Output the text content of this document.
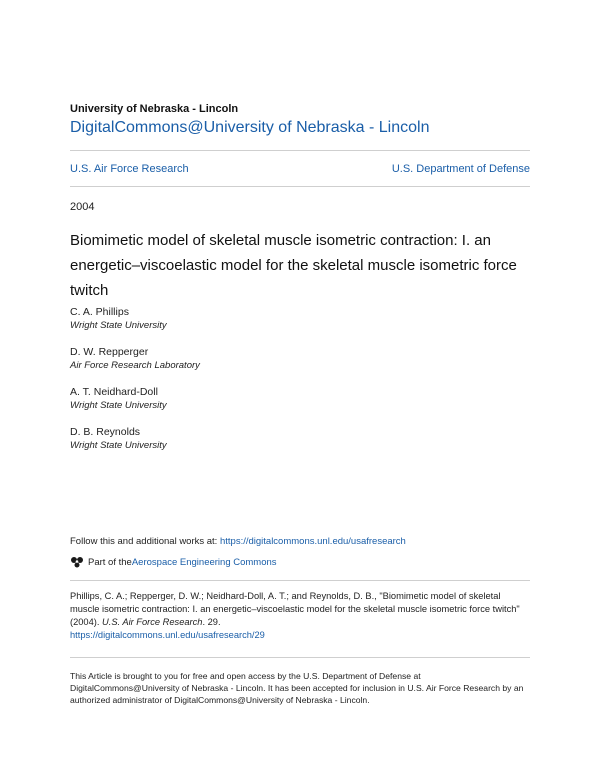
University of Nebraska - Lincoln
DigitalCommons@University of Nebraska - Lincoln
U.S. Air Force Research	U.S. Department of Defense
2004
Biomimetic model of skeletal muscle isometric contraction: I. an energetic–viscoelastic model for the skeletal muscle isometric force twitch
C. A. Phillips
Wright State University
D. W. Repperger
Air Force Research Laboratory
A. T. Neidhard-Doll
Wright State University
D. B. Reynolds
Wright State University
Follow this and additional works at: https://digitalcommons.unl.edu/usafresearch
Part of the Aerospace Engineering Commons
Phillips, C. A.; Repperger, D. W.; Neidhard-Doll, A. T.; and Reynolds, D. B., "Biomimetic model of skeletal muscle isometric contraction: I. an energetic–viscoelastic model for the skeletal muscle isometric force twitch" (2004). U.S. Air Force Research. 29.
https://digitalcommons.unl.edu/usafresearch/29
This Article is brought to you for free and open access by the U.S. Department of Defense at DigitalCommons@University of Nebraska - Lincoln. It has been accepted for inclusion in U.S. Air Force Research by an authorized administrator of DigitalCommons@University of Nebraska - Lincoln.
